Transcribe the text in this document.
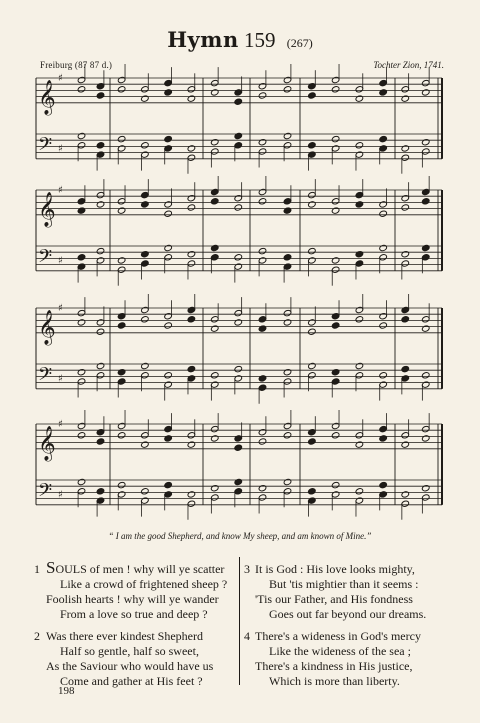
Hymn 159 (267)
Freiburg (87 87 d.)	Tochter Zion, 1741.
𝄞
♯
𝄢 ♯
𝄞
♯
𝄢 ♯
𝄞
♯
𝄢 ♯
𝄞
♯
𝄢 ♯
“ I am the good Shepherd, and know My sheep, and am known of Mine.”
1 SOULS of men ! why will ye scatter
Like a crowd of frightened sheep ?
Foolish hearts ! why will ye wander
From a love so true and deep ?
2 Was there ever kindest Shepherd
Half so gentle, half so sweet,
As the Saviour who would have us
Come and gather at His feet ?
3 It is God : His love looks mighty,
But 'tis mightier than it seems :
'Tis our Father, and His fondness
Goes out far beyond our dreams.
4 There's a wideness in God's mercy
Like the wideness of the sea ;
There's a kindness in His justice,
Which is more than liberty.
198
